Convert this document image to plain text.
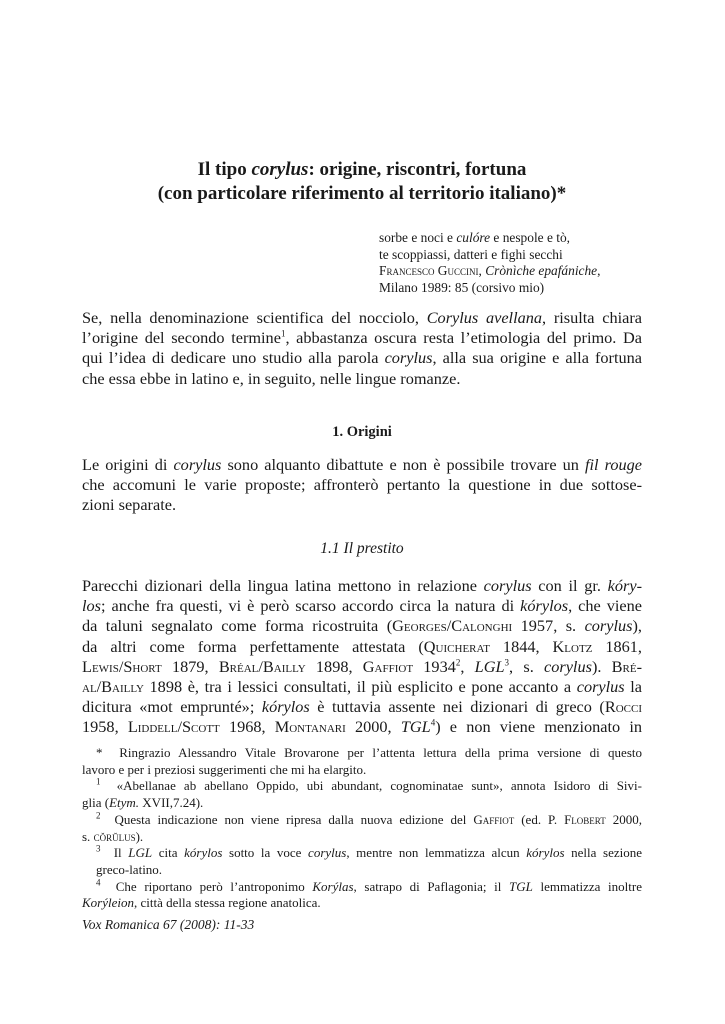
Il tipo corylus: origine, riscontri, fortuna
(con particolare riferimento al territorio italiano)*
sorbe e noci e culóre e nespole e tò,
te scoppiassi, datteri e fighi secchi
Francesco Guccini, Crònìche epafániche,
Milano 1989: 85 (corsivo mio)
Se, nella denominazione scientifica del nocciolo, Corylus avellana, risulta chiara
l’origine del secondo termine$^1$, abbastanza oscura resta l’etimologia del primo. Da
qui l’idea di dedicare uno studio alla parola corylus, alla sua origine e alla fortuna
che essa ebbe in latino e, in seguito, nelle lingue romanze.
1. Origini
Le origini di corylus sono alquanto dibattute e non è possibile trovare un fil rouge
che accomuni le varie proposte; affronterò pertanto la questione in due sottose-
zioni separate.
1.1 Il prestito
Parecchi dizionari della lingua latina mettono in relazione corylus con il gr. kóry-
los; anche fra questi, vi è però scarso accordo circa la natura di kórylos, che viene
da taluni segnalato come forma ricostruita (Georges/Calonghi 1957, s. corylus),
da altri come forma perfettamente attestata (Quicherat 1844, Klotz 1861,
Lewis/Short 1879, Bréal/Bailly 1898, Gaffiot 1934$^2$, LGL$^3$, s. corylus). Bré-
al/Bailly 1898 è, tra i lessici consultati, il più esplicito e pone accanto a corylus la
dicitura «mot emprunté»; kórylos è tuttavia assente nei dizionari di greco (Rocci
1958, Liddell/Scott 1968, Montanari 2000, TGL$^4$) e non viene menzionato in
* Ringrazio Alessandro Vitale Brovarone per l’attenta lettura della prima versione di questo
lavoro e per i preziosi suggerimenti che mi ha elargito.
$^1$ «Abellanae ab abellano Oppido, ubi abundant, cognominatae sunt», annota Isidoro di Sivi-
glia (Etym. XVII,7.24).
$^2$ Questa indicazione non viene ripresa dalla nuova edizione del Gaffiot (ed. P. Flobert 2000,
s. cŏrŭlus).
$^3$ Il LGL cita kórylos sotto la voce corylus, mentre non lemmatizza alcun kórylos nella sezione
greco-latino.
$^4$ Che riportano però l’antroponimo Korýlas, satrapo di Paflagonia; il TGL lemmatizza inoltre
Korýleion, città della stessa regione anatolica.
Vox Romanica 67 (2008): 11-33
